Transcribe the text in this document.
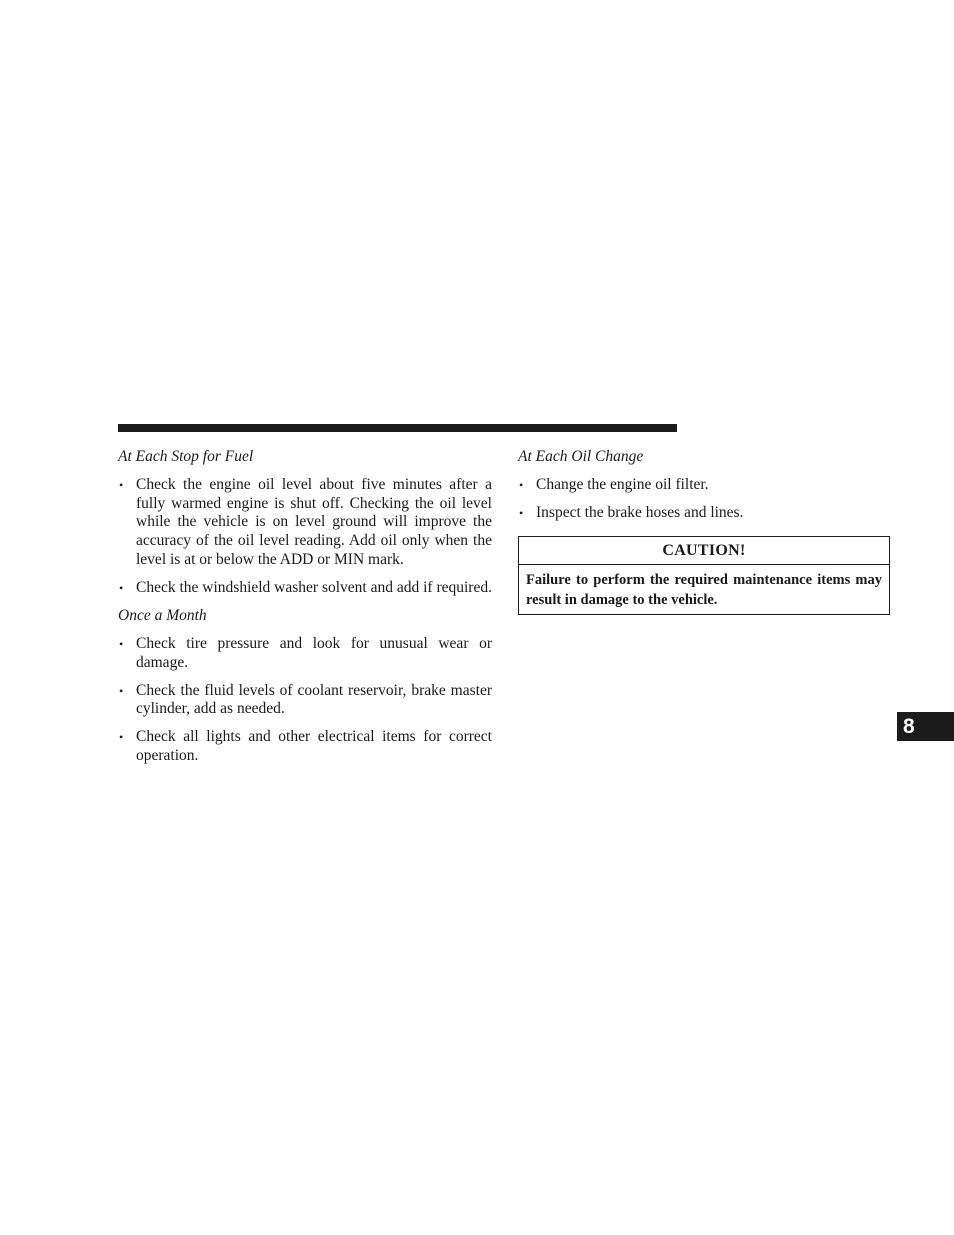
At Each Stop for Fuel
• Check the engine oil level about five minutes after a fully warmed engine is shut off. Checking the oil level while the vehicle is on level ground will improve the accuracy of the oil level reading. Add oil only when the level is at or below the ADD or MIN mark.
• Check the windshield washer solvent and add if required.
Once a Month
• Check tire pressure and look for unusual wear or damage.
• Check the fluid levels of coolant reservoir, brake master cylinder, add as needed.
• Check all lights and other electrical items for correct operation.
At Each Oil Change
• Change the engine oil filter.
• Inspect the brake hoses and lines.
CAUTION!
Failure to perform the required maintenance items may result in damage to the vehicle.
8
